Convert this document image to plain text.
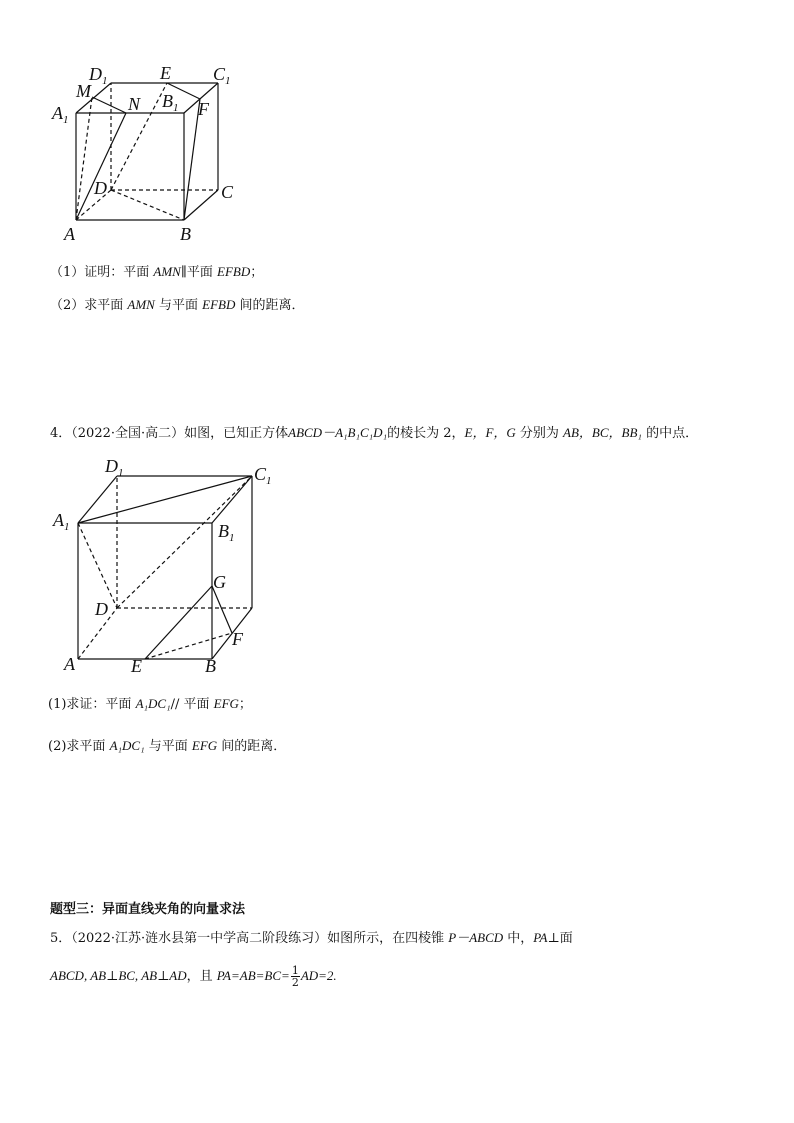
$D_1$	E $C_1$
M
$A_1$
N $B_1$ F
D	C
A	B
（1）证明：平面 AMN∥平面 EFBD；
（2）求平面 AMN 与平面 EFBD 间的距离．
4．（2022·全国·高二）如图，已知正方体ABCD－A₁B₁C₁D₁的棱长为 2，E，F，G 分别为 AB，BC，BB₁ 的中点．
$D_1$	$C_1$
$A_1$	$B_1$
G
D
F
A	E	B
(1)求证：平面 A₁DC₁// 平面 EFG；
(2)求平面 A₁DC₁ 与平面 EFG 间的距离．
题型三：异面直线夹角的向量求法
5．（2022·江苏·涟水县第一中学高二阶段练习）如图所示，在四棱锥 P－ABCD 中，PA⊥面
ABCD, AB⊥BC, AB⊥AD，且 $PA=AB=BC= \frac{1}{2} AD=2$.
